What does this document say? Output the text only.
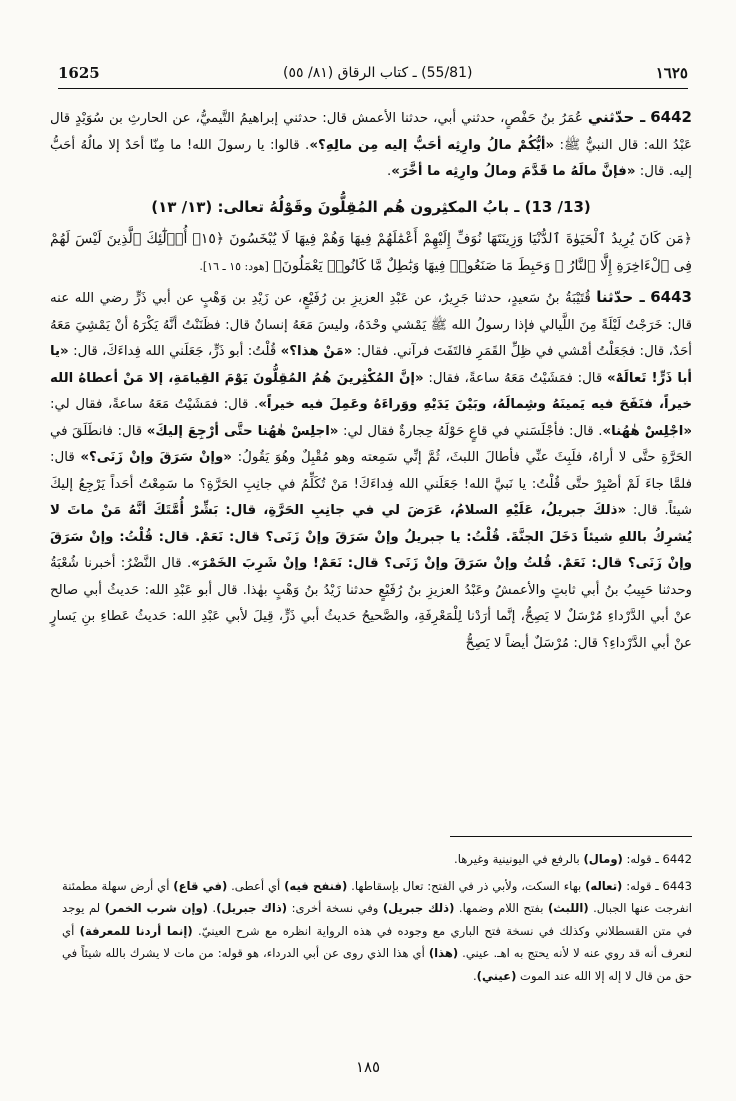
1625	(55/81) ـ كتاب الرقاق (٨١/ ٥٥)	١٦٢٥

6442 ـ حدّثني عُمَرُ بنُ حَفْصٍ، حدثني أبي، حدثنا الأعمش قال: حدثني إبراهيمُ التَّيميُّ، عن الحارثِ بن سُوَيْدٍ قال عَبْدُ الله: قال النبيُّ ﷺ: «أيُّكُمْ مالُ وارِثِه أحَبُّ إليه مِن مالِهِ؟». قالوا: يا رسولَ الله! ما مِنّا أحَدٌ إلا مالُهُ أحَبُّ إليه. قال: «فإنَّ مالَهُ ما قَدَّمَ ومالُ وارِثِه ما أخَّرَ».

(13/ 13) ـ بابُ المكثِرون هُم المُقِلُّونَ وقَوْلُهُ تعالى: (١٣/ ١٣)

﴿مَن كَانَ يُرِيدُ ٱلْحَيَوٰةَ ٱلدُّنْيَا وَزِينَتَهَا نُوَفِّ إِلَيْهِمْ أَعْمَٰلَهُمْ فِيهَا وَهُمْ فِيهَا لَا يُبْخَسُونَ ﴿١٥﴾ أُو۟لَٰٓئِكَ ٱلَّذِينَ لَيْسَ لَهُمْ فِى ٱلْءَاخِرَةِ إِلَّا ٱلنَّارُ ۖ وَحَبِطَ مَا صَنَعُوا۟ فِيهَا وَبَٰطِلٌ مَّا كَانُوا۟ يَعْمَلُونَ﴾ [هود: ١٥ ـ ١٦].

6443 ـ حدّثنا قُتَيْبَةُ بنُ سَعيدٍ، حدثنا جَرِيرٌ، عن عَبْدِ العزيزِ بن رُفَيْعٍ، عن زَيْدِ بن وَهْبٍ عن أبي ذَرٍّ رضي الله عنه قال: خَرَجْتُ لَيْلَةً مِنَ اللَّيالي فإذا رسولُ الله ﷺ يَمْشي وحْدَهُ، وليسَ مَعَهُ إنسانٌ قال: فظَنَنْتُ أنَّهُ يَكْرَهُ أنْ يَمْشِيَ مَعَهُ أحَدٌ، قال: فجَعَلْتُ أمْشي في ظِلِّ القَمَرِ فالتَفَتَ فرآني. فقال: «مَنْ هذا؟» قُلْتُ: أبو ذَرٍّ، جَعَلَني الله فِداءَكَ، قال: «يا أبا ذَرٍّ! تَعالَهْ» قال: فمَشَيْتُ مَعَهُ ساعةً، فقال: «إنَّ المُكْثِرينَ هُمُ المُقِلُّونَ يَوْمَ القِيامَةِ، إلا مَنْ أعطاهُ الله خيراً، فنَفَحَ فيه يَمينَهُ وشِمالَهُ، وبَيْنَ يَدَيْهِ ووَراءَهُ وعَمِلَ فيه خيراً». قال: فمَشَيْتُ مَعَهُ ساعةً، فقال لي: «اجْلِسْ هٰهُنا». قال: فأجْلَسَني في قاعٍ حَوْلَهُ حِجارةٌ فقال لي: «اجلِسْ هٰهُنا حتَّى أرْجِعَ إليكَ» قال: فانطَلَقَ في الحَرَّةِ حتَّى لا أراهُ، فلَبِثَ عنِّي فأطالَ اللبثَ، ثُمَّ إنِّي سَمِعته وهو مُقْبِلٌ وهُوَ يَقُولُ: «وإنْ سَرَقَ وإنْ زَنَى؟» قال: فلمَّا جاءَ لَمْ أصْبِرْ حتَّى قُلْتُ: يا نَبيَّ الله! جَعَلَني الله فِداءَكَ! مَنْ تُكَلِّمُ في جانِبِ الحَرَّةِ؟ ما سَمِعْتُ أحَداً يَرْجِعُ إليكَ شيئاً. قال: «ذلكَ جبريلُ، عَلَيْهِ السلامُ، عَرَضَ لي في جانِبِ الحَرَّةِ، قال: بَشِّرْ أُمَّتَكَ أنَّهُ مَنْ ماتَ لا يُشرِكُ باللهِ شيئاً دَخَلَ الجنَّةَ. قُلْتُ: يا جبريلُ وإنْ سَرَقَ وإنْ زَنَى؟ قال: نَعَمْ. قال: قُلْتُ: وإنْ سَرَقَ وإنْ زَنَى؟ قال: نَعَمْ. قُلتُ وإنْ سَرَقَ وإنْ زَنَى؟ قال: نَعَمْ! وإنْ شَرِبَ الخَمْرَ». قال النَّضْرُ: أخبرنا شُعْبَةُ وحدثنا حَبِيبُ بنُ أبي ثابتٍ والأعمشُ وعَبْدُ العزيزِ بنُ رُفَيْعٍ حدثنا زَيْدُ بنُ وَهْبٍ بهٰذا. قال أبو عَبْدِ الله: حَديثُ أبي صالح عنْ أبي الدَّرْداءِ مُرْسَلٌ لا يَصِحُّ، إنَّما أرَدْنا لِلْمَعْرِفَةِ، والصَّحيحُ حَديثُ أبي ذَرٍّ، قِيلَ لأبي عَبْدِ الله: حَديثُ عَطاءِ بنِ يَسارٍ عنْ أبي الدَّرْداءِ؟ قال: مُرْسَلٌ أيضاً لا يَصِحُّ

6442 ـ قوله: (ومال) بالرفع في اليونينية وغيرها.

6443 ـ قوله: (تعاله) بهاء السكت، ولأبي ذر في الفتح: تعال بإسقاطها. (فنفح فيه) أي أعطى. (في قاع) أي أرض سهلة مطمئنة انفرجت عنها الجبال. (اللبث) بفتح اللام وضمها. (ذلك جبريل) وفي نسخة أخرى: (ذاك جبريل). (وإن شرب الخمر) لم يوجد في متن القسطلاني وكذلك في نسخة فتح الباري مع وجوده في هذه الرواية انظره مع شرح العينيّ. (إنما أردنا للمعرفة) أي لنعرف أنه قد روي عنه لا لأنه يحتج به اهـ. عيني. (هذا) أي هذا الذي روى عن أبي الدرداء، هو قوله: من مات لا يشرك بالله شيئاً في حق من قال لا إله إلا الله عند الموت (عيني).

١٨٥
